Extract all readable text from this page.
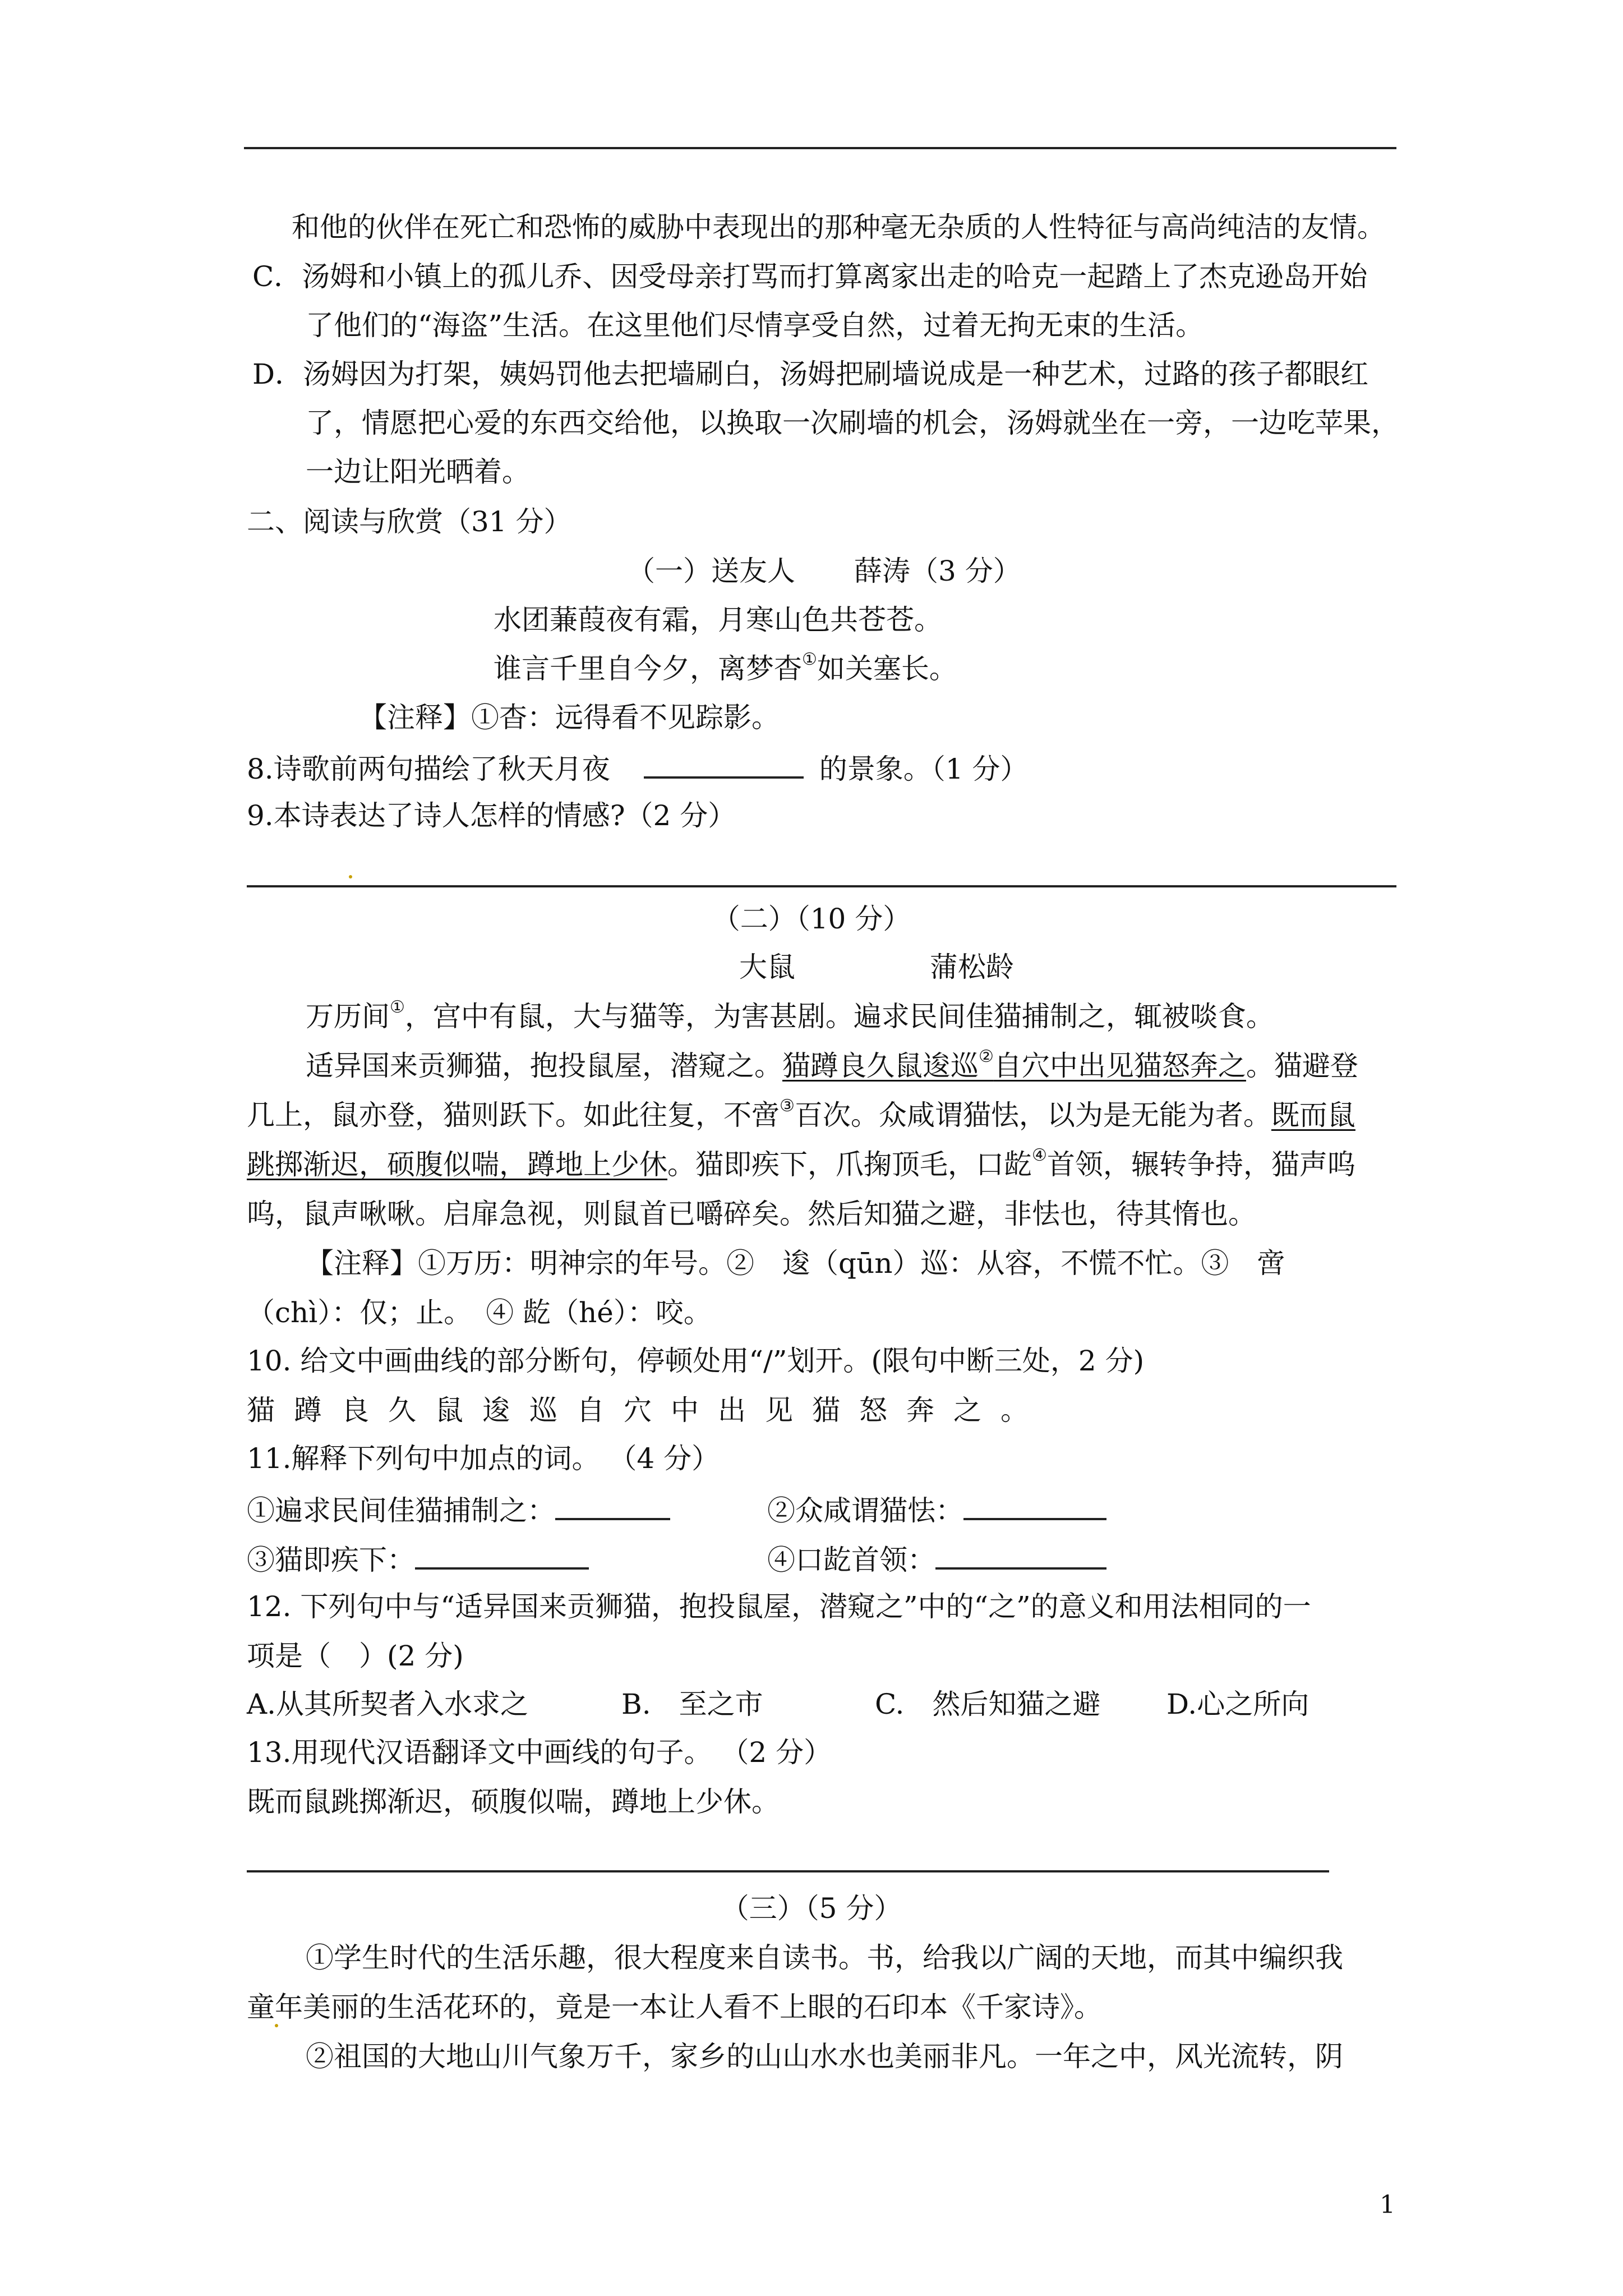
和他的伙伴在死亡和恐怖的威胁中表现出的那种毫无杂质的人性特征与高尚纯洁的友情。
C．汤姆和小镇上的孤儿乔、因受母亲打骂而打算离家出走的哈克一起踏上了杰克逊岛开始
了他们的“海盗”生活。在这里他们尽情享受自然，过着无拘无束的生活。
D．汤姆因为打架，姨妈罚他去把墙刷白，汤姆把刷墙说成是一种艺术，过路的孩子都眼红
了，情愿把心爱的东西交给他，以换取一次刷墙的机会，汤姆就坐在一旁，一边吃苹果，
一边让阳光晒着。
二、阅读与欣赏（31 分）
（一）送友人 薛涛（3 分）
水团蒹葭夜有霜，月寒山色共苍苍。
谁言千里自今夕，离梦杳①如关塞长。
【注释】①杳：远得看不见踪影。
8.诗歌前两句描绘了秋天月夜	的景象。（1 分）
9.本诗表达了诗人怎样的情感?（2 分）
（二）（10 分）
大鼠	蒲松龄
万历间①，宫中有鼠，大与猫等，为害甚剧。遍求民间佳猫捕制之，辄被啖食。
适异国来贡狮猫，抱投鼠屋，潜窥之。猫蹲良久鼠逡巡②自穴中出见猫怒奔之。猫避登
几上，鼠亦登，猫则跃下。如此往复，不啻③百次。众咸谓猫怯，以为是无能为者。既而鼠
跳掷渐迟，硕腹似喘，蹲地上少休。猫即疾下，爪掬顶毛，口龁④首领，辗转争持，猫声呜
呜，鼠声啾啾。启扉急视，则鼠首已嚼碎矣。然后知猫之避，非怯也，待其惰也。
【注释】①万历：明神宗的年号。②　逡（qūn）巡：从容，不慌不忙。③　啻
（chì）：仅；止。　④ 龁（hé）：咬。
10. 给文中画曲线的部分断句，停顿处用“/”划开。(限句中断三处，2 分)
猫蹲良久鼠逡巡自穴中出见猫怒奔之。
11.解释下列句中加点的词。 （4 分）
①遍求民间佳猫捕制之：	②众咸谓猫怯：
③猫即疾下：	④口龁首领：
12. 下列句中与“适异国来贡狮猫，抱投鼠屋，潜窥之”中的“之”的意义和用法相同的一
项是（　）(2 分)
A.从其所契者入水求之	B.　至之市	C.　然后知猫之避 D.心之所向
13.用现代汉语翻译文中画线的句子。 （2 分）
既而鼠跳掷渐迟，硕腹似喘，蹲地上少休。
（三）（5 分）
①学生时代的生活乐趣，很大程度来自读书。书，给我以广阔的天地，而其中编织我
童年美丽的生活花环的，竟是一本让人看不上眼的石印本《千家诗》。
②祖国的大地山川气象万千，家乡的山山水水也美丽非凡。一年之中，风光流转，阴
1
